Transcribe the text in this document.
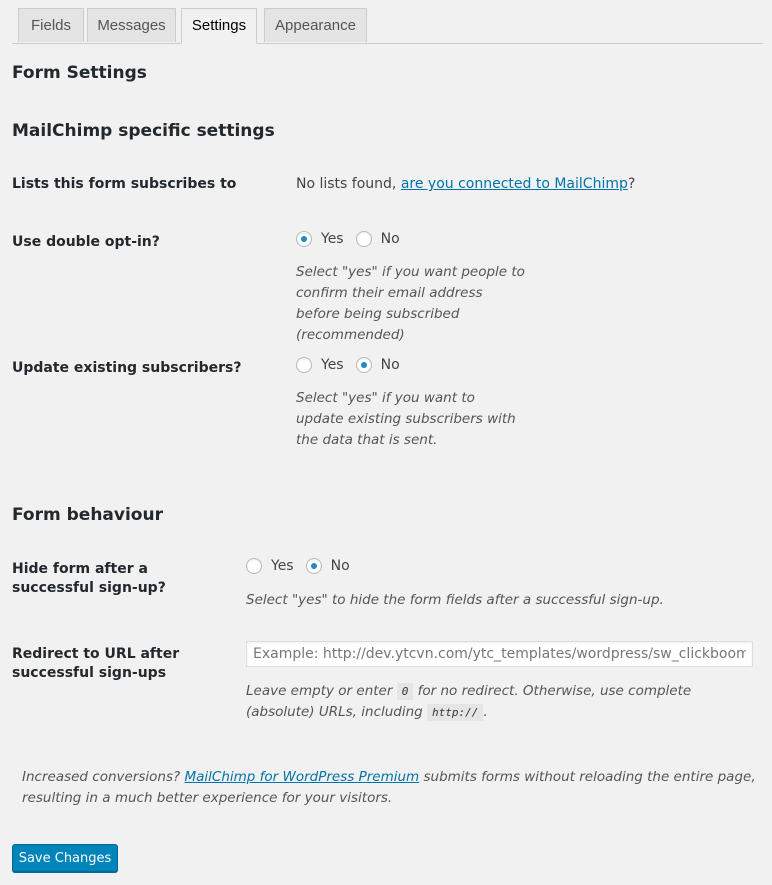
Fields	Messages	Settings	Appearance
Form Settings
MailChimp specific settings
Lists this form subscribes to	No lists found, are you connected to MailChimp?
Use double opt-in?	Yes	No
Select "yes" if you want people to confirm their email address before being subscribed (recommended)
Update existing subscribers?	Yes	No
Select "yes" if you want to update existing subscribers with the data that is sent.
Form behaviour
Hide form after a successful sign-up?
Yes	No
Select "yes" to hide the form fields after a successful sign-up.
Redirect to URL after successful sign-ups
Example: http://dev.ytcvn.com/ytc_templates/wordpress/sw_clickboom/thank-you/
Leave empty or enter 0 for no redirect. Otherwise, use complete (absolute) URLs, including http:// .
Increased conversions? MailChimp for WordPress Premium submits forms without reloading the entire page, resulting in a much better experience for your visitors.
Save Changes
